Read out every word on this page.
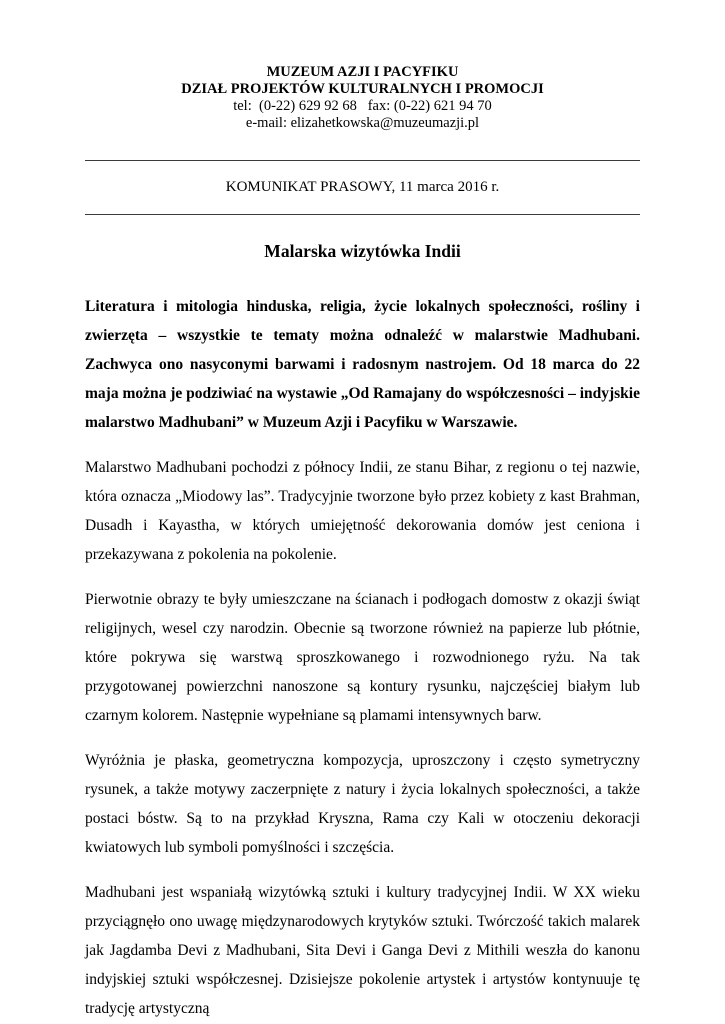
MUZEUM AZJI I PACYFIKU
DZIAŁ PROJEKTÓW KULTURALNYCH I PROMOCJI
tel:  (0-22) 629 92 68   fax: (0-22) 621 94 70
e-mail: elizahetkowska@muzeumazji.pl
KOMUNIKAT PRASOWY, 11 marca 2016 r.
Malarska wizytówka Indii

Literatura i mitologia hinduska, religia, życie lokalnych społeczności, rośliny i zwierzęta – wszystkie te tematy można odnaleźć w malarstwie Madhubani. Zachwyca ono nasyconymi barwami i radosnym nastrojem. Od 18 marca do 22 maja można je podziwiać na wystawie „Od Ramajany do współczesności – indyjskie malarstwo Madhubani” w Muzeum Azji i Pacyfiku w Warszawie.

Malarstwo Madhubani pochodzi z północy Indii, ze stanu Bihar, z regionu o tej nazwie, która oznacza „Miodowy las”. Tradycyjnie tworzone było przez kobiety z kast Brahman, Dusadh i Kayastha, w których umiejętność dekorowania domów jest ceniona i przekazywana z pokolenia na pokolenie.

Pierwotnie obrazy te były umieszczane na ścianach i podłogach domostw z okazji świąt religijnych, wesel czy narodzin. Obecnie są tworzone również na papierze lub płótnie, które pokrywa się warstwą sproszkowanego i rozwodnionego ryżu. Na tak przygotowanej powierzchni nanoszone są kontury rysunku, najczęściej białym lub czarnym kolorem. Następnie wypełniane są plamami intensywnych barw.

Wyróżnia je płaska, geometryczna kompozycja, uproszczony i często symetryczny rysunek, a także motywy zaczerpnięte z natury i życia lokalnych społeczności, a także postaci bóstw. Są to na przykład Kryszna, Rama czy Kali w otoczeniu dekoracji kwiatowych lub symboli pomyślności i szczęścia.

Madhubani jest wspaniałą wizytówką sztuki i kultury tradycyjnej Indii. W XX wieku przyciągnęło ono uwagę międzynarodowych krytyków sztuki. Twórczość takich malarek jak Jagdamba Devi z Madhubani, Sita Devi i Ganga Devi z Mithili weszła do kanonu indyjskiej sztuki współczesnej. Dzisiejsze pokolenie artystek i artystów kontynuuje tę tradycję artystyczną
